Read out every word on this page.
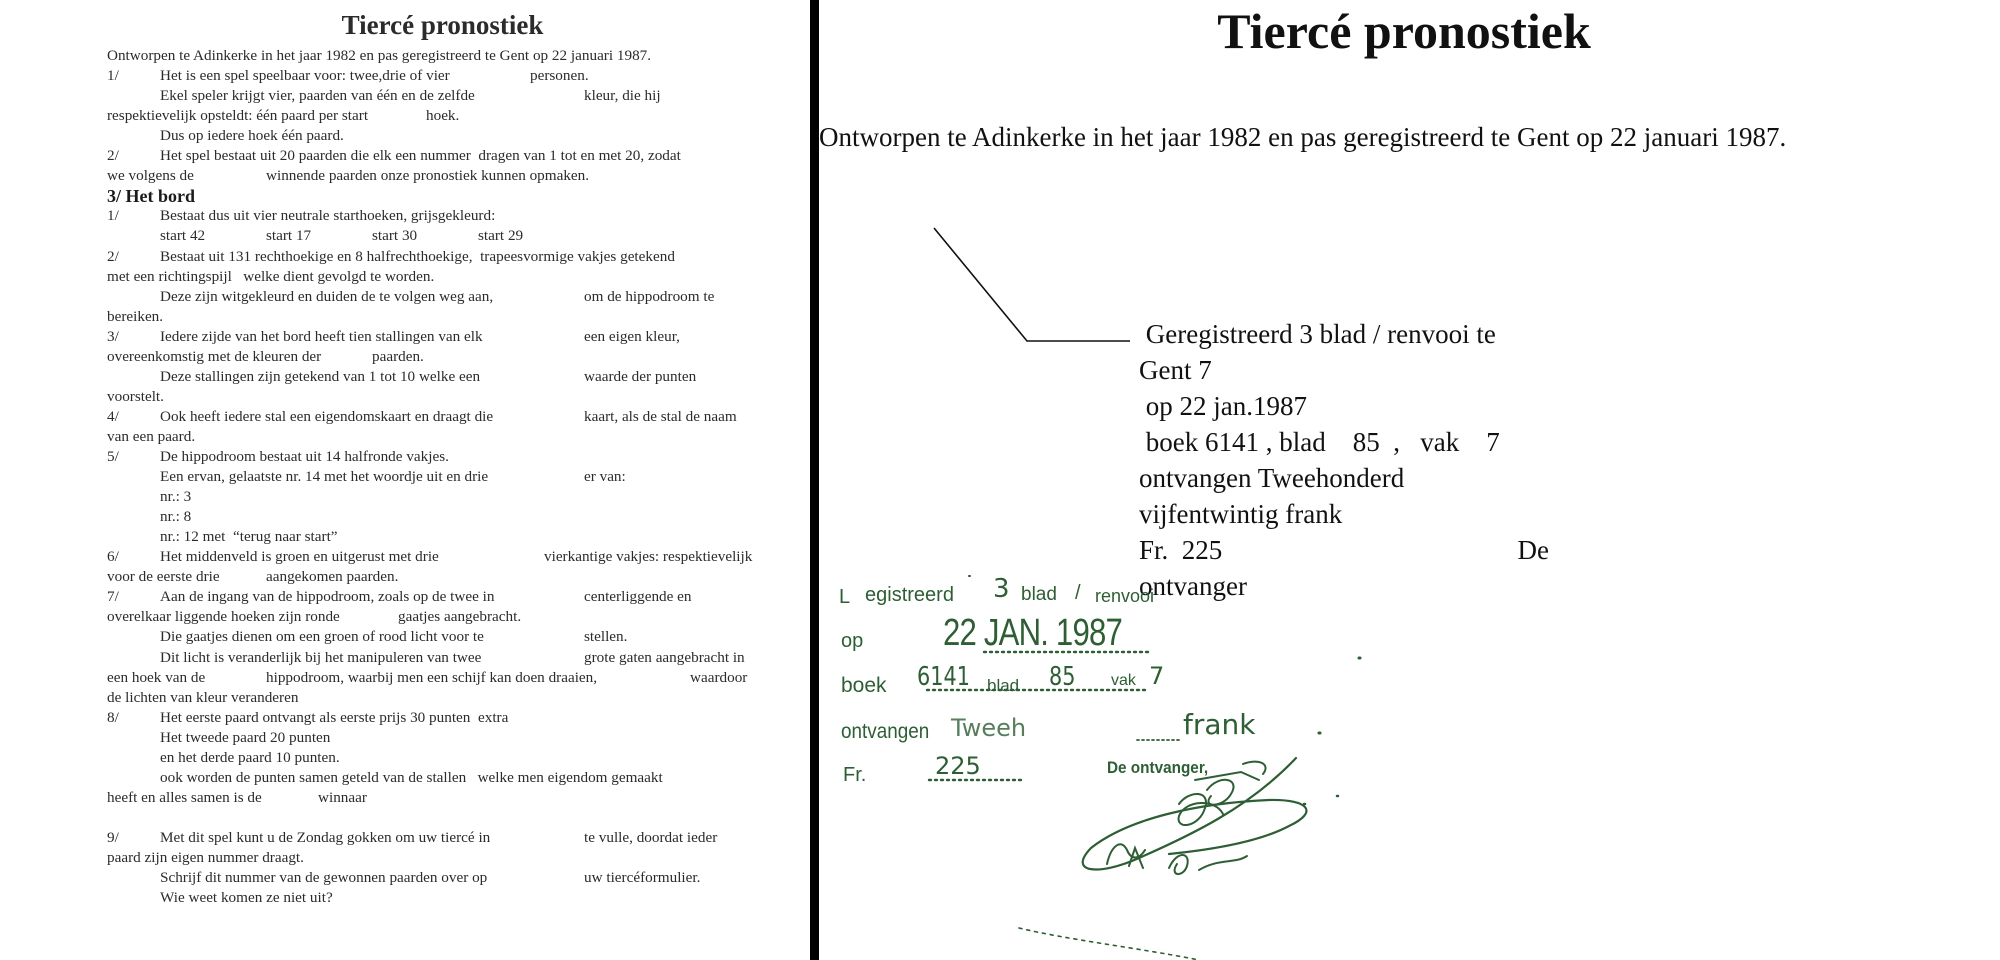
Tiercé pronostiek
Ontworpen te Adinkerke in het jaar 1982 en pas geregistreerd te Gent op 22 januari 1987.
1/	Het is een spel speelbaar voor: twee,drie of vier	personen.
Ekel speler krijgt vier, paarden van één en de zelfde	kleur, die hij
respektievelijk opsteldt: één paard per start	hoek.
Dus op iedere hoek één paard.
2/	Het spel bestaat uit 20 paarden die elk een nummer  dragen van 1 tot en met 20, zodat
we volgens de	winnende paarden onze pronostiek kunnen opmaken.
3/ Het bord
1/	Bestaat dus uit vier neutrale starthoeken, grijsgekleurd:
start 42	start 17	start 30	start 29
2/	Bestaat uit 131 rechthoekige en 8 halfrechthoekige,  trapeesvormige vakjes getekend
met een richtingspijl   welke dient gevolgd te worden.
Deze zijn witgekleurd en duiden de te volgen weg aan,	om de hippodroom te
bereiken.
3/	Iedere zijde van het bord heeft tien stallingen van elk	een eigen kleur,
overeenkomstig met de kleuren der	paarden.
Deze stallingen zijn getekend van 1 tot 10 welke een	waarde der punten
voorstelt.
4/	Ook heeft iedere stal een eigendomskaart en draagt die	kaart, als de stal de naam
van een paard.
5/	De hippodroom bestaat uit 14 halfronde vakjes.
Een ervan, gelaatste nr. 14 met het woordje uit en drie	er van:
nr.: 3
nr.: 8
nr.: 12 met  “terug naar start”
6/	Het middenveld is groen en uitgerust met drie	vierkantige vakjes: respektievelijk
voor de eerste drie	aangekomen paarden.
7/	Aan de ingang van de hippodroom, zoals op de twee in	centerliggende en
overelkaar liggende hoeken zijn ronde	gaatjes aangebracht.
Die gaatjes dienen om een groen of rood licht voor te	stellen.
Dit licht is veranderlijk bij het manipuleren van twee	grote gaten aangebracht in
een hoek van de	hippodroom, waarbij men een schijf kan doen draaien,	waardoor
de lichten van kleur veranderen
8/	Het eerste paard ontvangt als eerste prijs 30 punten  extra
Het tweede paard 20 punten
en het derde paard 10 punten.
ook worden de punten samen geteld van de stallen   welke men eigendom gemaakt
heeft en alles samen is de	winnaar
9/	Met dit spel kunt u de Zondag gokken om uw tiercé in	te vulle, doordat ieder
paard zijn eigen nummer draagt.
Schrijf dit nummer van de gewonnen paarden over op	uw tiercéformulier.
Wie weet komen ze niet uit?
Tiercé pronostiek
Ontworpen te Adinkerke in het jaar 1982 en pas geregistreerd te Gent op 22 januari 1987.
Geregistreerd 3 blad / renvooi te
Gent 7
op 22 jan.1987
boek 6141 , blad    85  ,   vak    7
ontvangen Tweehonderd
vijfentwintig frank
Fr.  225	De
ontvanger
L egistreerd 3 blad / renvooi
op 22 JAN. 1987
boek 6141 blad 85 vak 7
ontvangen Tweeh	frank
Fr.	225	De ontvanger,
